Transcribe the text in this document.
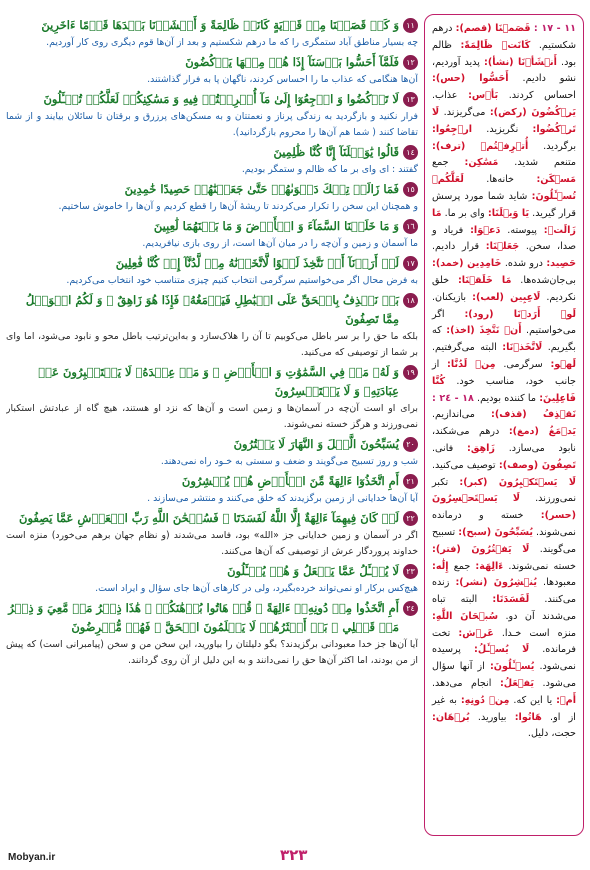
١١
وَ كَمۡ قَصَمۡنَا مِنۡ قَرۡيَةٍ كَانَتۡ ظَالِمَةً وَ أَنۡشَأۡنَا بَعۡدَهَا قَوۡمًا ءَاخَرِينَ
چه بسيار مناطق آباد ستمگرى را كه ما درهم شكستيم و بعد از آن‌ها قوم ديگرى روى كار آورديم.
١٢
فَلَمَّآ أَحَسُّوا بَأۡسَنَآ إِذَا هُمۡ مِنۡهَا يَرۡكُضُونَ
آن‌ها هنگامى كه عذاب ما را احساس كردند، ناگهان پا به فرار گذاشتند.
١٣
لَا تَرۡكُضُوا وَ ارۡجِعُوٓا إِلَىٰ مَآ أُتۡرِفۡتُمۡ فِيهِ وَ مَسَٰكِنِكُمۡ لَعَلَّكُمۡ تُسۡـَٔلُونَ
فرار نكنيد و بازگرديد به زندگى پرناز و نعمتتان و به مسكن‌هاى پرزرق و برقتان تا سائلان بيايند و از شما تقاضا كنند ( شما هم آن‌ها را محروم بازگردانيد).
١٤
قَالُوا يَٰوَيۡلَنَآ إِنَّا كُنَّا ظَٰلِمِينَ
گفتند : اى واى بر ما كه ظالم و ستمگر بوديم.
١٥
فَمَا زَالَتۡ تِلۡكَ دَعۡوَىٰهُمۡ حَتَّىٰ جَعَلۡنَٰهُمۡ حَصِيدًا خَٰمِدِينَ
و همچنان اين سخن را تكرار مى‌كردند تا ريشهٔ آن‌ها را قطع كرديم و آن‌ها را خاموش ساختيم.
١٦
وَ مَا خَلَقۡنَا السَّمَآءَ وَ الۡأَرۡضَ وَ مَا بَيۡنَهُمَا لَٰعِبِينَ
ما آسمان و زمين و آن‌چه را در ميان آن‌ها است، از روى بازى نيافريديم.
١٧
لَوۡ أَرَدۡنَآ أَنۡ نَتَّخِذَ لَهۡوًا لَّاتَّخَذۡنَٰهُ مِنۡ لَّدُنَّآ إِنۡ كُنَّا فَٰعِلِينَ
به فرض محال اگر مى‌خواستيم سرگرمى انتخاب كنيم چيزى متناسب خود انتخاب مى‌كرديم.
١٨
بَلۡ نَقۡذِفُ بِالۡحَقِّ عَلَى الۡبَٰطِلِ فَيَدۡمَغُهُۥ فَإِذَا هُوَ زَاهِقٌ ۚ وَ لَكُمُ الۡوَيۡلُ مِمَّا تَصِفُونَ
بلكه ما حق را بر سر باطل مى‌كوبيم تا آن را هلاک‌سازد و به‌اين‌ترتيب باطل محو و نابود مى‌شود، اما واى بر شما از توصيفى كه مى‌كنيد.
١٩
وَ لَهُۥ مَنۡ فِي السَّمَٰوَٰتِ وَ الۡأَرۡضِ ۚ وَ مَنۡ عِنۡدَهُۥ لَا يَسۡتَكۡبِرُونَ عَنۡ عِبَادَتِهِۦ وَ لَا يَسۡتَحۡسِرُونَ
براى او است آن‌چه در آسمان‌ها و زمين است و آن‌ها كه نزد او هستند، هيچ گاه از عبادتش استكبار نمى‌ورزند و هرگز خسته نمى‌شوند.
٢٠
يُسَبِّحُونَ الَّيۡلَ وَ النَّهَارَ لَا يَفۡتُرُونَ
شب و روز تسبيح مى‌گويند و ضعف و سستى به خـود راه نمى‌دهند.
٢١
أَمِ اتَّخَذُوٓا ءَالِهَةً مِّنَ الۡأَرۡضِ هُمۡ يُنۡشِرُونَ
آيا آن‌ها خدايانى از زمين برگزيدند كه خلق مى‌كنند و منتشر مى‌سازند .
٢٢
لَوۡ كَانَ فِيهِمَآ ءَالِهَةٌ إِلَّا اللَّهُ لَفَسَدَتَا ۚ فَسُبۡحَٰنَ اللَّهِ رَبِّ الۡعَرۡشِ عَمَّا يَصِفُونَ
اگر در آسمان و زمين خدايانى جز «الله» بود، فاسد مى‌شدند (و نظام جهان برهم مى‌خورد) منزه است خداوند پروردگار عرش از توصيفى كه آن‌ها مى‌كنند.
٢٣
لَا يُسۡـَٔلُ عَمَّا يَفۡعَلُ وَ هُمۡ يُسۡـَٔلُونَ
هيچ‌كس بركار او نمى‌تواند خرده‌بگيرد، ولى در كارهاى آن‌ها جاى سؤال و ايراد است.
٢٤
أَمِ اتَّخَذُوا مِنۡ دُونِهِۦٓ ءَالِهَةً ۖ قُلۡ هَاتُوا بُرۡهَٰنَكُمۡ ۖ هَٰذَا ذِكۡرُ مَنۡ مَّعِيَ وَ ذِكۡرُ مَنۡ قَبۡلِي ۗ بَلۡ أَكۡثَرُهُمۡ لَا يَعۡلَمُونَ الۡحَقَّ ۖ فَهُمۡ مُّعۡرِضُونَ
آيا آن‌ها جز خدا معبودانى برگزيدند؟ بگو دليلتان را بياوريد، اين سخن من و سخن (پيامبرانى است) كه پيش از من بودند، اما اكثر آن‌ها حق را نمى‌دانند و به اين دليل از آن روى گردانند.
١١ - ١٧ : قَصَمۡنَا (قصم): درهم شكستيم. كَانَتۡ ظَالِمَةً: ظالم بود. أَنۡشَأۡنَا (نشأ): پديد آورديم، نشو داديم. أَحَسُّوا (حس): احساس كردند. بَأۡس: عذاب. يَرۡكُضُونَ (ركض): مى‌گريزند. لَا تَرۡكُضُوا: نگريزيد. ارۡجِعُوا: برگرديد. أُتۡرِفۡتُمۡ (ترف): متنعم شديد. مَسَٰكِن: جمع مَسۡكَن: خانه‌ها. لَعَلَّكُمۡ تُسۡـَٔلُونَ: شايد شما مورد پرسش قرار گيريد. يَا وَيۡلَنَا: واى بر ما. مَا زَالَتۡ: پيوسته. دَعۡوَا: فرياد و صدا، سخن. جَعَلۡنَا: قرار داديم. حَصِيد: درو شده. خَامِدِين (خمد): بى‌جان‌شده‌ها. مَا خَلَقۡنَا: خلق نكرديم. لَاعِبِين (لعب): بازيكنان. لَوۡ أَرَدۡنَا (رود): اگر مى‌خواستيم. أَنۡ نَتَّخِذَ (اخذ): كه بگيريم. لَاتَّخَذۡنَا: البته مى‌گرفتيم. لَهۡو: سرگرمى. مِنۡ لَدُنَّا: از جانب خود، مناسب خود. كُنَّا فَاعِلِينَ: ما كننده بوديم. ١٨ - ٢٤ : نَقۡذِفُ (قذف): مى‌اندازيم. يَدۡمَغُ (دمغ): درهم مى‌شكند، نابود مى‌سازد. زَاهِق: فانى. تَصِفُونَ (وصف): توصيف مى‌كنيد. لَا يَسۡتَكۡبِرُونَ (كبر): تكبر نمى‌ورزند. لَا يَسۡتَحۡسِرُونَ (حسر): خسته و درمانده نمى‌شوند. يُسَبِّحُونَ (سبح): تسبيح مى‌گويند. لَا يَفۡتُرُونَ (فتر): خسته نمى‌شوند. ءَالِهَة: جمع إِلَٰه: معبودها. يُنۡشِرُونَ (نشر): زنده مى‌كنند. لَفَسَدَتَا: البته تباه مى‌شدند آن دو. سُبۡحَانَ اللَّهِ: منزه است خـدا. عَرۡش: تخت فرمانده. لَا يُسۡـَٔلُ: پرسيده نمى‌شود. يُسۡـَٔلُونَ: از آنها سؤال مى‌شود. يَفۡعَلُ: انجام مى‌دهد. أَمۡ: يا اين كه. مِنۡ دُونِهِ: به غير از او. هَاتُوا: بياوريد. بُرۡهَان: حجت، دليل.
Mobyan.ir	٣٢٣
